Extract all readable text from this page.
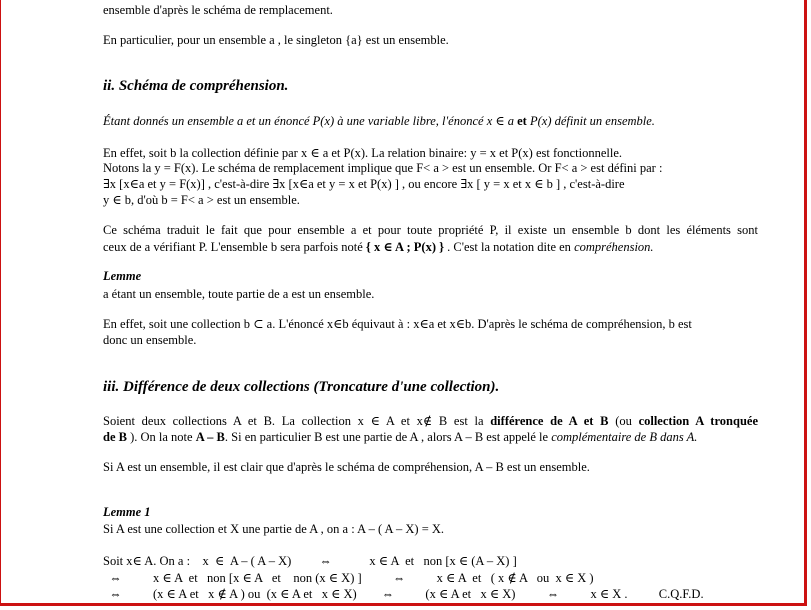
ensemble d'après le schéma de remplacement.
En particulier, pour un ensemble a , le singleton {a} est un ensemble.
ii. Schéma de compréhension.
Étant donnés un ensemble a et un énoncé P(x) à une variable libre, l'énoncé x ∈ a et P(x) définit un ensemble.
En effet, soit b la collection définie par x ∈ a et P(x). La relation binaire: y = x et P(x) est fonctionnelle.
Notons la y = F(x). Le schéma de remplacement implique que F< a > est un ensemble. Or F< a > est défini par :
∃x [x∈a et y = F(x)] , c'est-à-dire ∃x [x∈a et y = x et P(x) ] , ou encore ∃x [ y = x et x ∈ b ] , c'est-à-dire
y ∈ b, d'où b = F< a > est un ensemble.
Ce schéma traduit le fait que pour ensemble a et pour toute propriété P, il existe un ensemble b dont les éléments sont
ceux de a vérifiant P. L'ensemble b sera parfois noté { x ∈ A ; P(x) } . C'est la notation dite en compréhension.
Lemme
a étant un ensemble, toute partie de a est un ensemble.
En effet, soit une collection b ⊂ a. L'énoncé x∈b équivaut à : x∈a et x∈b. D'après le schéma de compréhension, b est
donc un ensemble.
iii. Différence de deux collections (Troncature d'une collection).
Soient deux collections A et B. La collection x ∈ A et x∉ B est la différence de A et B (ou collection A tronquée
de B ). On la note A – B. Si en particulier B est une partie de A , alors A – B est appelé le complémentaire de B dans A.
Si A est un ensemble, il est clair que d'après le schéma de compréhension, A – B est un ensemble.
Lemme 1
Si A est une collection et X une partie de A , on a : A – ( A – X) = X.
Soit x∈ A. On a :    x  ∈  A – ( A – X)         ⇔            x ∈ A  et   non [x ∈ (A – X) ]
⇔          x ∈ A  et   non [x ∈ A   et    non (x ∈ X) ]          ⇔          x ∈ A  et   ( x ∉ A   ou  x ∈ X )
⇔          (x ∈ A et   x ∉ A ) ou  (x ∈ A et   x ∈ X)        ⇔          (x ∈ A et   x ∈ X)          ⇔          x ∈ X .          C.Q.F.D.
